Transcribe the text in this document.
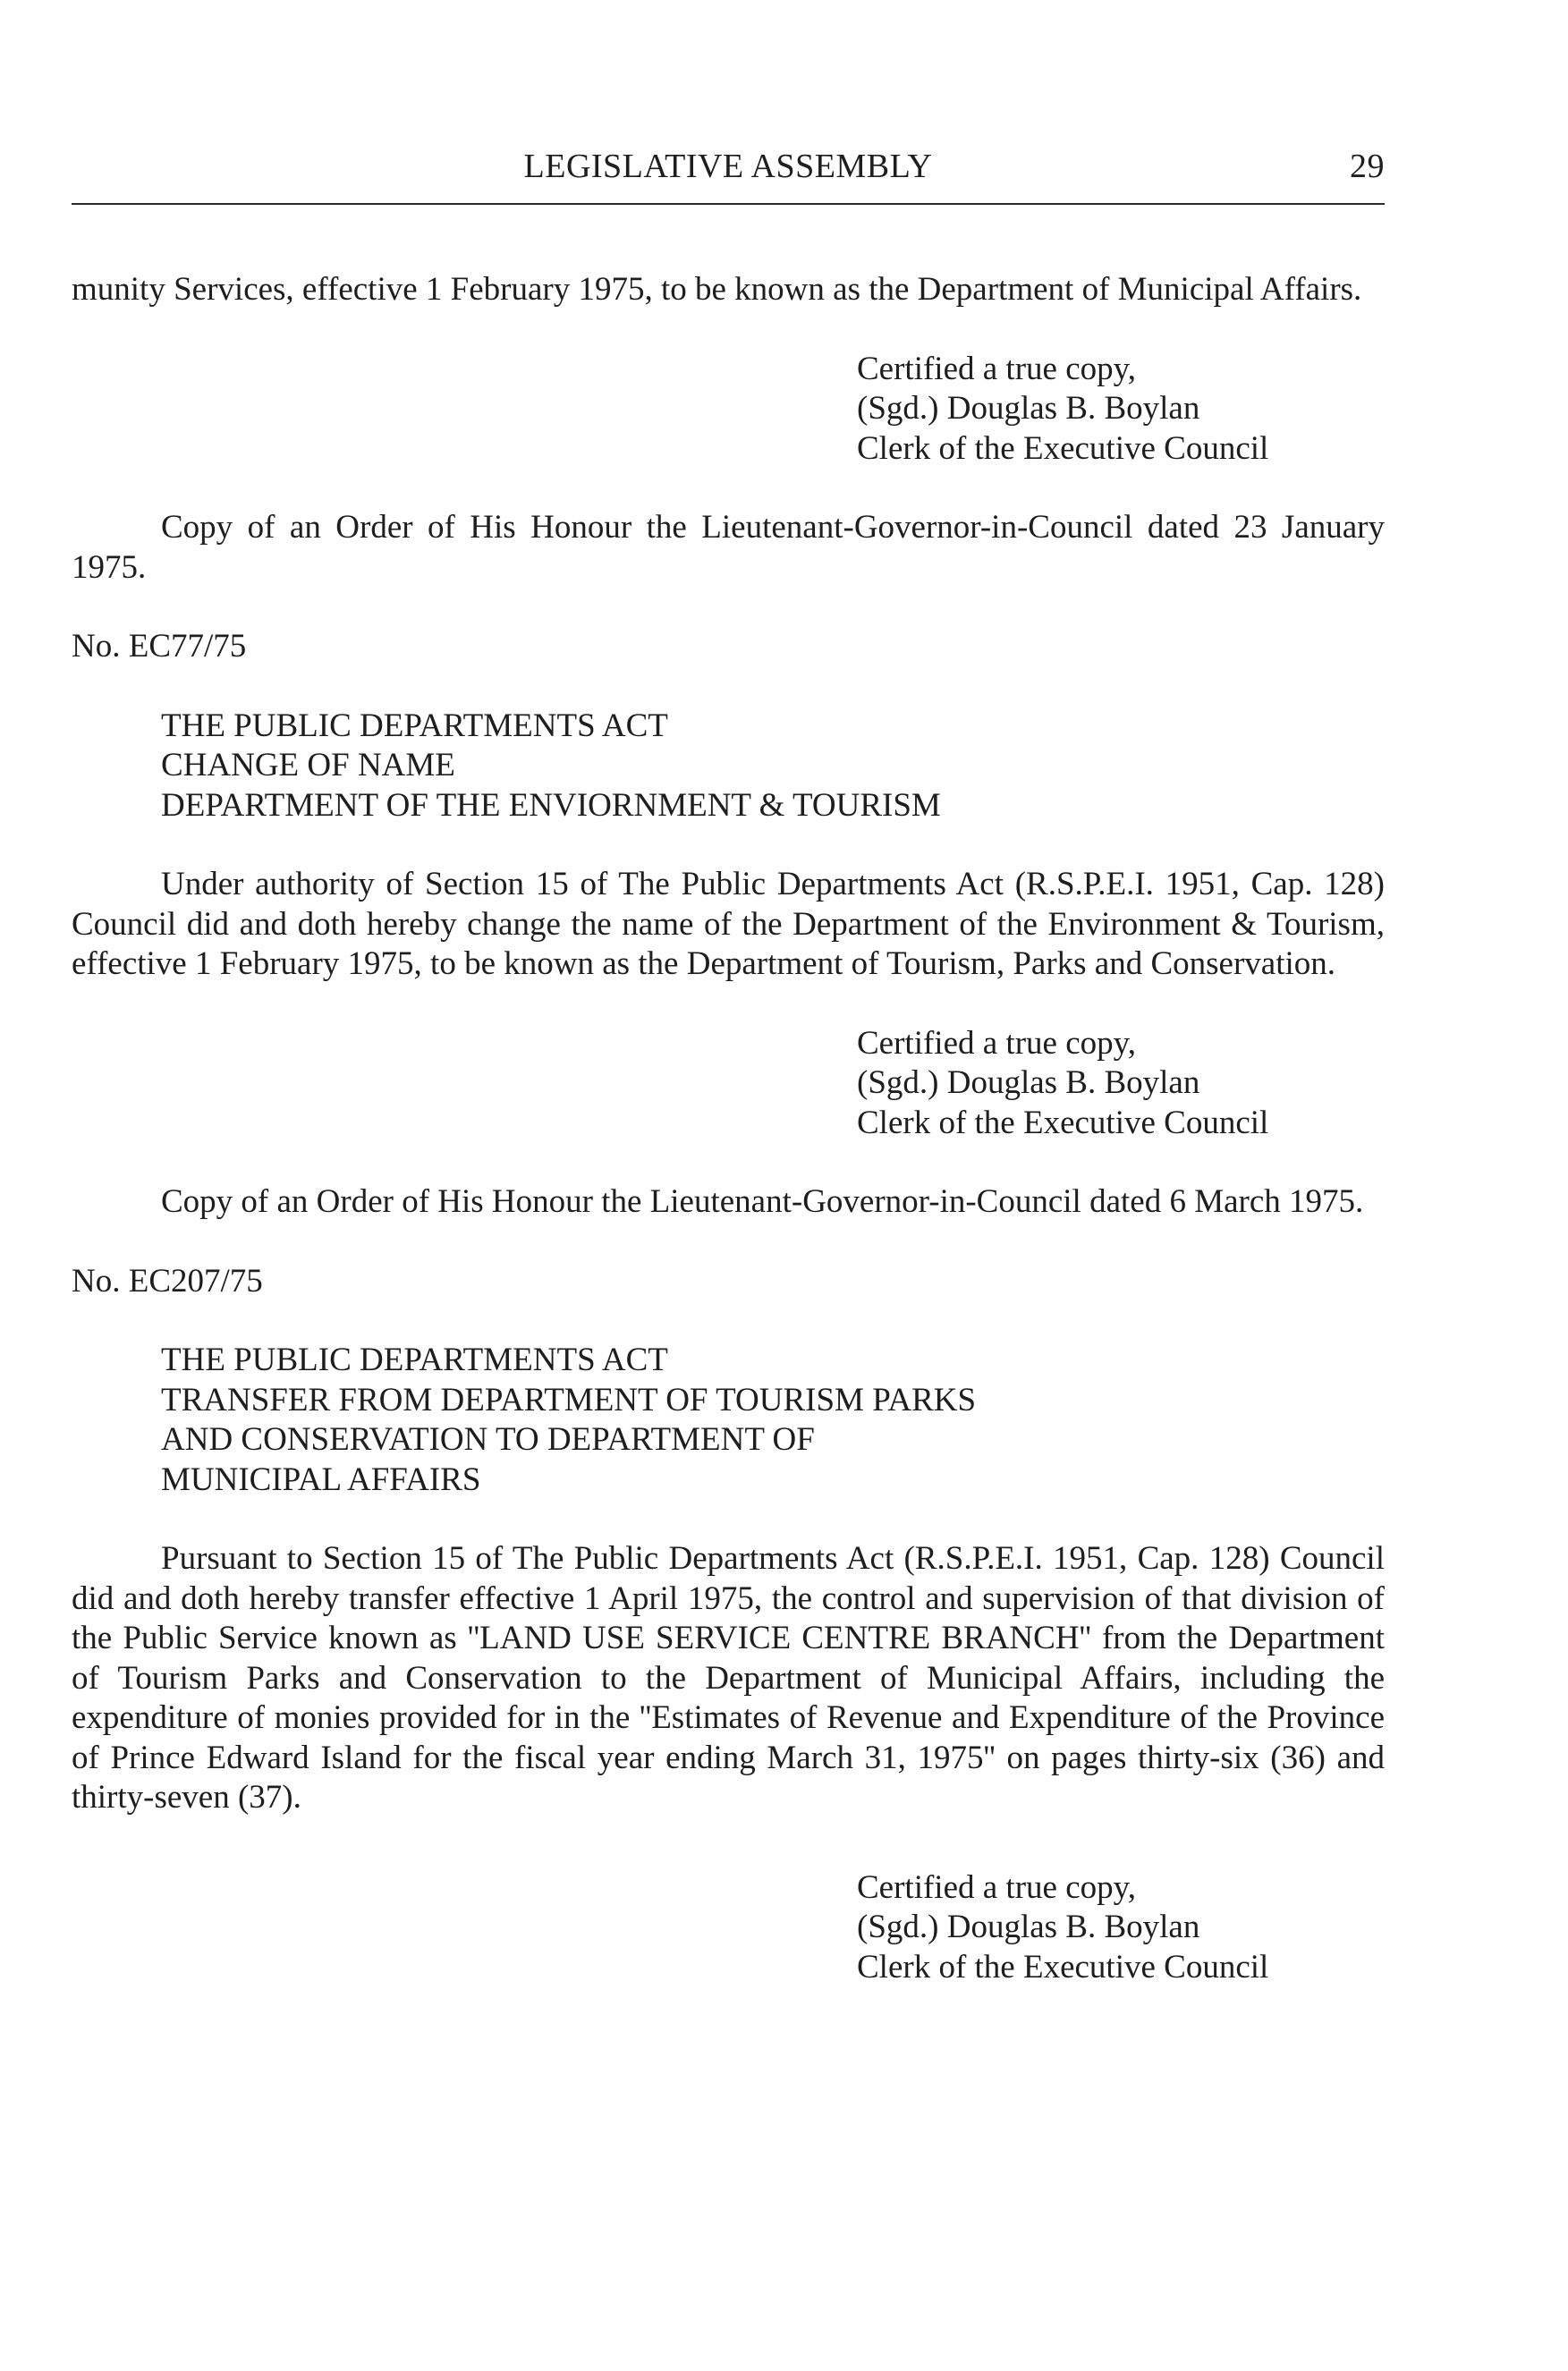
LEGISLATIVE ASSEMBLY	29

munity Services, effective 1 February 1975, to be known as the Department of Municipal Affairs.

Certified a true copy,
(Sgd.) Douglas B. Boylan
Clerk of the Executive Council

Copy of an Order of His Honour the Lieutenant-Governor-in-Council dated 23 January 1975.

No. EC77/75
THE PUBLIC DEPARTMENTS ACT
CHANGE OF NAME
DEPARTMENT OF THE ENVIORNMENT & TOURISM

Under authority of Section 15 of The Public Departments Act (R.S.P.E.I. 1951, Cap. 128) Council did and doth hereby change the name of the Department of the Environment & Tourism, effective 1 February 1975, to be known as the Department of Tourism, Parks and Conservation.

Certified a true copy,
(Sgd.) Douglas B. Boylan
Clerk of the Executive Council

Copy of an Order of His Honour the Lieutenant-Governor-in-Council dated 6 March 1975.

No. EC207/75
THE PUBLIC DEPARTMENTS ACT
TRANSFER FROM DEPARTMENT OF TOURISM PARKS
AND CONSERVATION TO DEPARTMENT OF
MUNICIPAL AFFAIRS

Pursuant to Section 15 of The Public Departments Act (R.S.P.E.I. 1951, Cap. 128) Council did and doth hereby transfer effective 1 April 1975, the control and supervision of that division of the Public Service known as ''LAND USE SERVICE CENTRE BRANCH'' from the Department of Tourism Parks and Conservation to the Department of Municipal Affairs, including the expenditure of monies provided for in the ''Estimates of Revenue and Expenditure of the Province of Prince Edward Island for the fiscal year ending March 31, 1975'' on pages thirty-six (36) and thirty-seven (37).

Certified a true copy,
(Sgd.) Douglas B. Boylan
Clerk of the Executive Council
